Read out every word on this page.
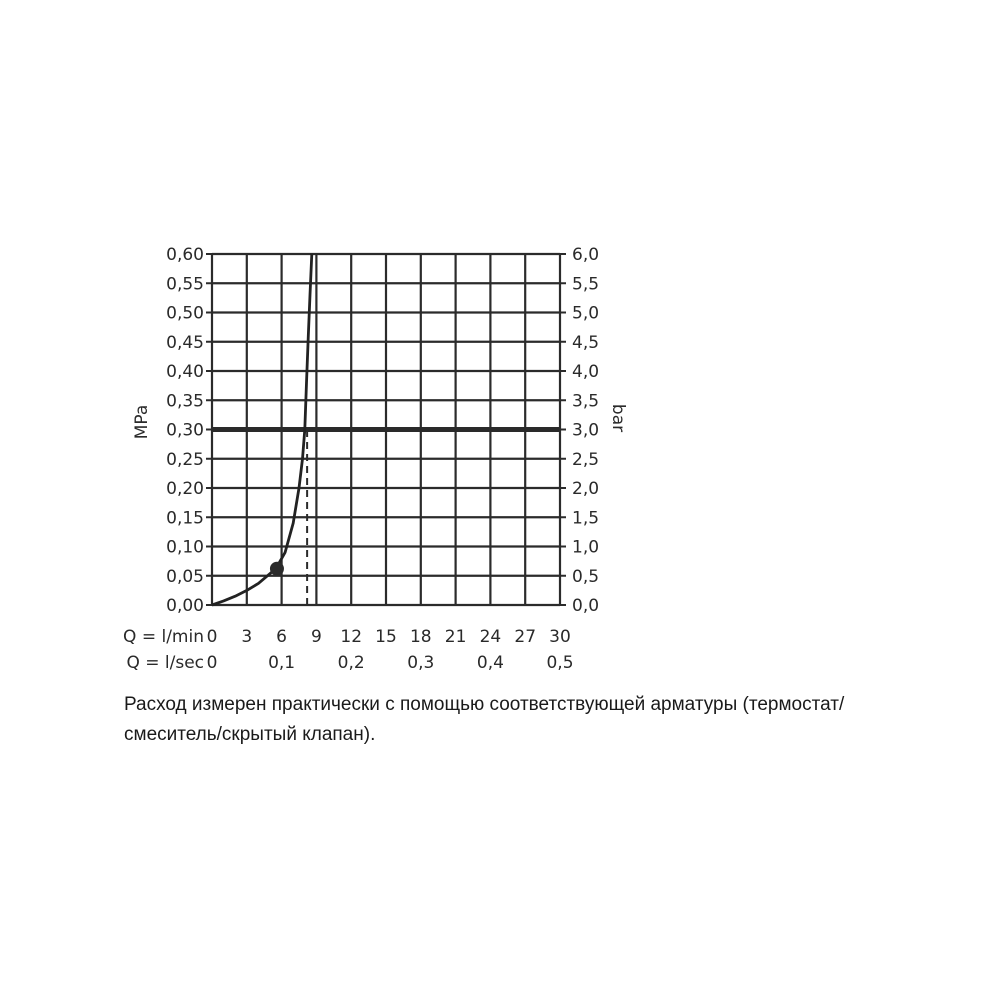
0,00
0,05
0,10
0,15
0,20
0,25
0,30
0,35
0,40
0,45
0,50
0,55
0,60
0,0
0,5
1,0
1,5
2,0
2,5
3,0
3,5
4,0
4,5
5,0
5,5
6,0
Q = l/min 0 3 6 9 12 15 18 21 24 27 30
Q = l/sec 0	0,1	0,2	0,3	0,4	0,5
MPa	bar

Расход измерен практически с помощью соответствующей арматуры (термостат/ смеситель/скрытый клапан).
